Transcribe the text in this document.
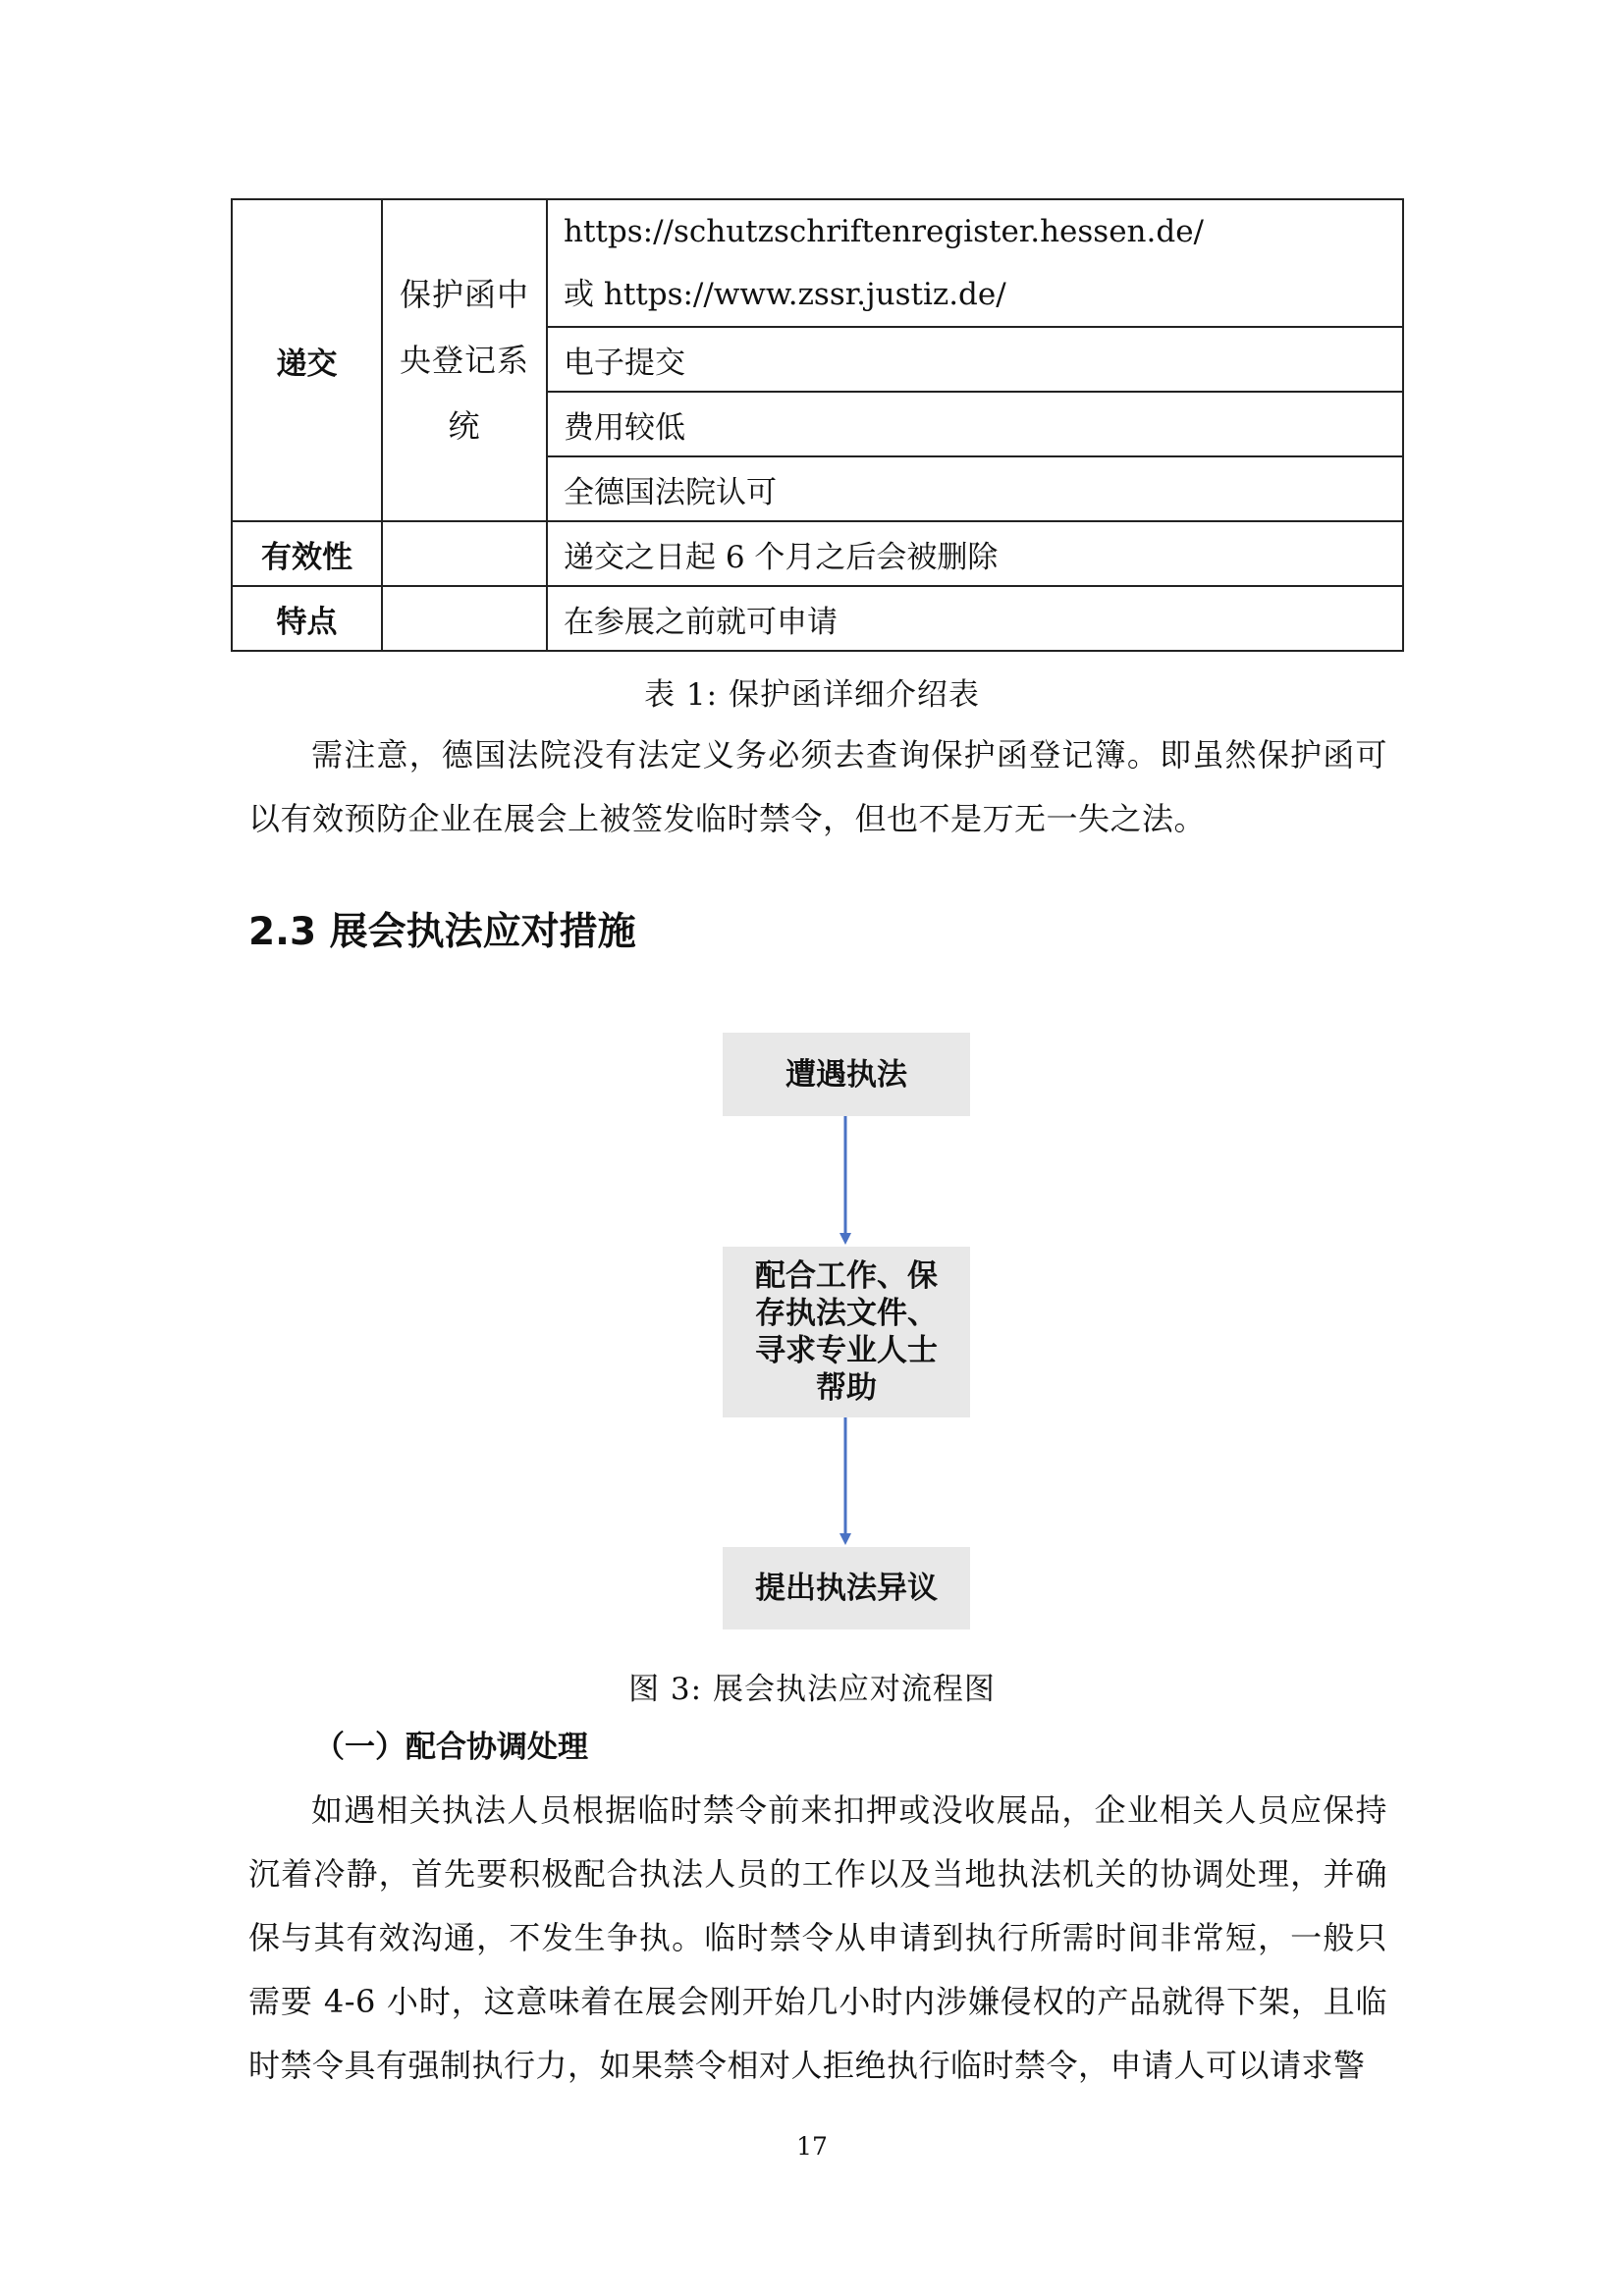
递交	保护函中央登记系统	https://schutzschriftenregister.hessen.de/
或 https://www.zssr.justiz.de/

		电子提交
		费用较低
		全德国法院认可
有效性		递交之日起 6 个月之后会被删除
特点		在参展之前就可申请
表 1: 保护函详细介绍表

需注意，德国法院没有法定义务必须去查询保护函登记簿。即虽然保护函可以有效预防企业在展会上被签发临时禁令，但也不是万无一失之法。

2.3 展会执法应对措施
遭遇执法
配合工作、保存执法文件、寻求专业人士帮助
提出执法异议
图 3: 展会执法应对流程图
（一）配合协调处理

如遇相关执法人员根据临时禁令前来扣押或没收展品，企业相关人员应保持沉着冷静，首先要积极配合执法人员的工作以及当地执法机关的协调处理，并确保与其有效沟通，不发生争执。临时禁令从申请到执行所需时间非常短，一般只需要 4-6 小时，这意味着在展会刚开始几小时内涉嫌侵权的产品就得下架，且临时禁令具有强制执行力，如果禁令相对人拒绝执行临时禁令，申请人可以请求警

17
